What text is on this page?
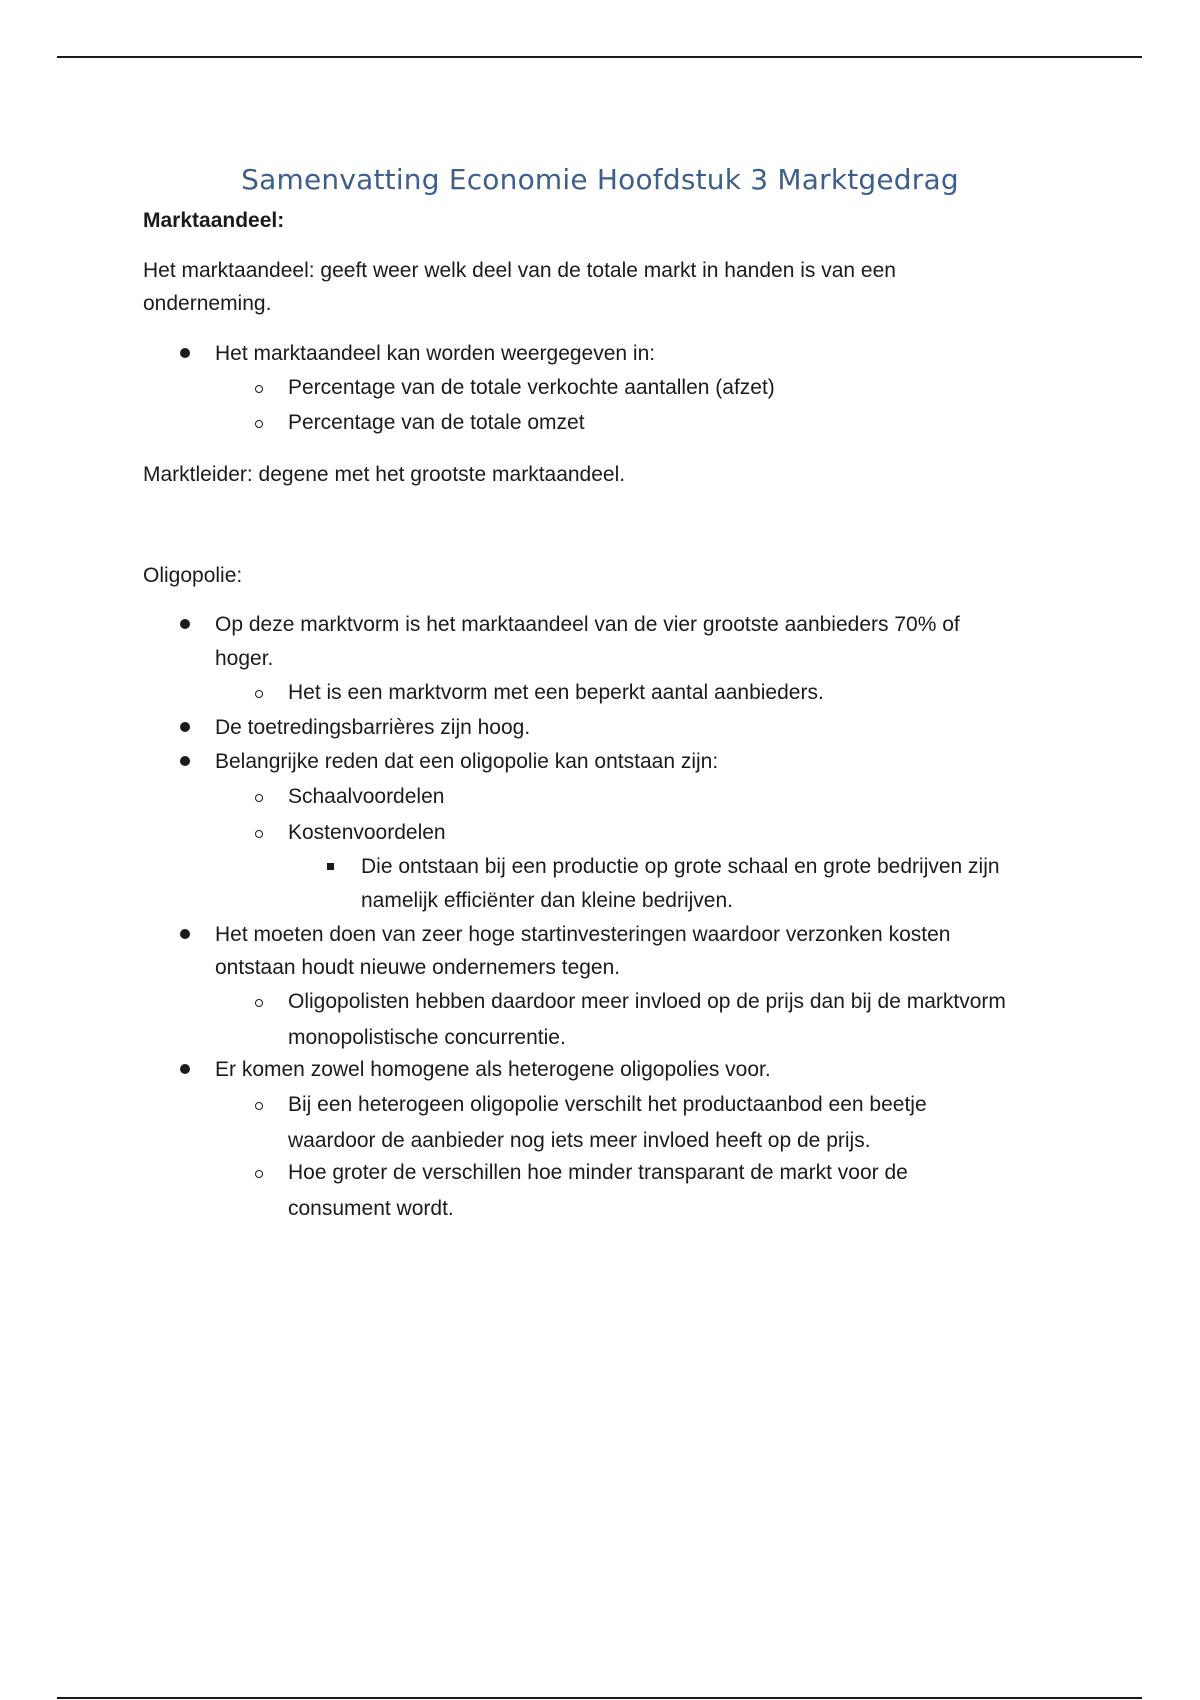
Samenvatting Economie Hoofdstuk 3 Marktgedrag
Marktaandeel:
Het marktaandeel: geeft weer welk deel van de totale markt in handen is van een
onderneming.
Het marktaandeel kan worden weergegeven in:
Percentage van de totale verkochte aantallen (afzet)
Percentage van de totale omzet
Marktleider: degene met het grootste marktaandeel.
Oligopolie:
Op deze marktvorm is het marktaandeel van de vier grootste aanbieders 70% of
hoger.
Het is een marktvorm met een beperkt aantal aanbieders.
De toetredingsbarrières zijn hoog.
Belangrijke reden dat een oligopolie kan ontstaan zijn:
Schaalvoordelen
Kostenvoordelen
Die ontstaan bij een productie op grote schaal en grote bedrijven zijn
namelijk efficiënter dan kleine bedrijven.
Het moeten doen van zeer hoge startinvesteringen waardoor verzonken kosten
ontstaan houdt nieuwe ondernemers tegen.
Oligopolisten hebben daardoor meer invloed op de prijs dan bij de marktvorm
monopolistische concurrentie.
Er komen zowel homogene als heterogene oligopolies voor.
Bij een heterogeen oligopolie verschilt het productaanbod een beetje
waardoor de aanbieder nog iets meer invloed heeft op de prijs.
Hoe groter de verschillen hoe minder transparant de markt voor de
consument wordt.
